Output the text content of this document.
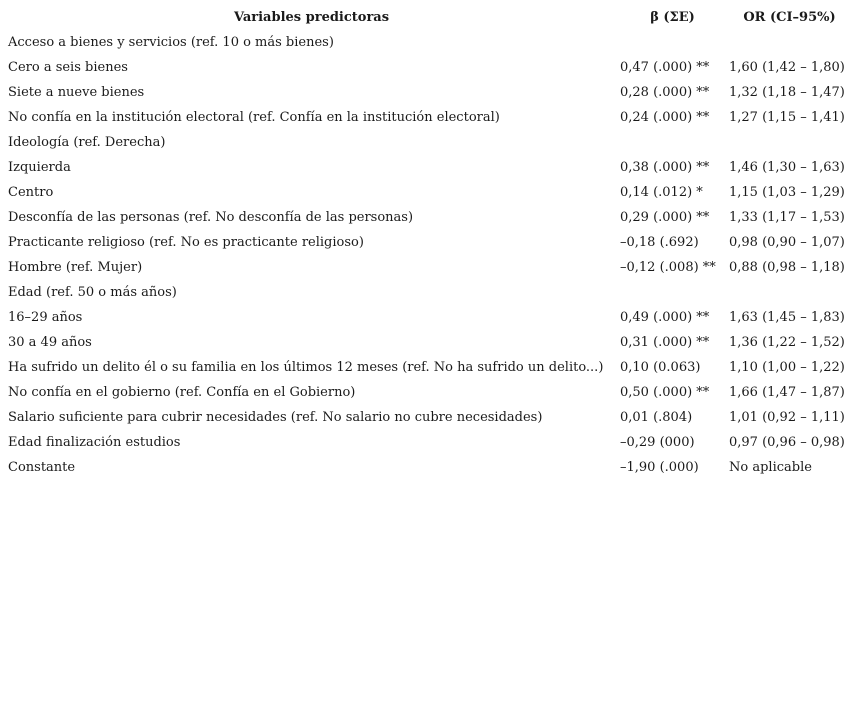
Variables predictoras	β (ΣΕ)	OR (CI–95%)
Acceso a bienes y servicios (ref. 10 o más bienes)		
Cero a seis bienes	0,47 (.000) **	1,60 (1,42 – 1,80)
Siete a nueve bienes	0,28 (.000) **	1,32 (1,18 – 1,47)
No confía en la institución electoral (ref. Confía en la institución electoral)	0,24 (.000) **	1,27 (1,15 – 1,41)
Ideología (ref. Derecha)		
Izquierda	0,38 (.000) **	1,46 (1,30 – 1,63)
Centro	0,14 (.012) *	1,15 (1,03 – 1,29)
Desconfía de las personas (ref. No desconfía de las personas)	0,29 (.000) **	1,33 (1,17 – 1,53)
Practicante religioso (ref. No es practicante religioso)	–0,18 (.692)	0,98 (0,90 – 1,07)
Hombre (ref. Mujer)	–0,12 (.008) **	0,88 (0,98 – 1,18)
Edad (ref. 50 o más años)		
16–29 años	0,49 (.000) **	1,63 (1,45 – 1,83)
30 a 49 años	0,31 (.000) **	1,36 (1,22 – 1,52)
Ha sufrido un delito él o su familia en los últimos 12 meses (ref. No ha sufrido un delito...)	0,10 (0.063)	1,10 (1,00 – 1,22)
No confía en el gobierno (ref. Confía en el Gobierno)	0,50 (.000) **	1,66 (1,47 – 1,87)
Salario suficiente para cubrir necesidades (ref. No salario no cubre necesidades)	0,01 (.804)	1,01 (0,92 – 1,11)
Edad finalización estudios	–0,29 (000)	0,97 (0,96 – 0,98)
Constante	–1,90 (.000)	No aplicable
